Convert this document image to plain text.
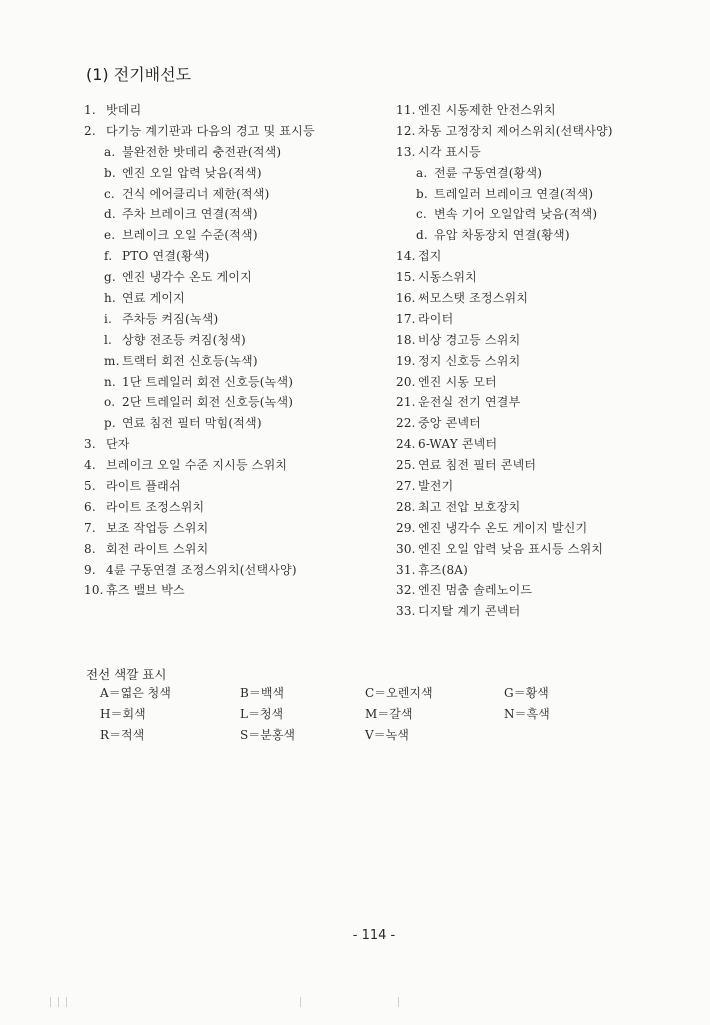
(1) 전기배선도
1. 밧데리
2. 다기능 계기판과 다음의 경고 및 표시등
a. 불완전한 밧데리 충전관(적색)
b. 엔진 오일 압력 낮음(적색)
c. 건식 에어클리너 제한(적색)
d. 주차 브레이크 연결(적색)
e. 브레이크 오일 수준(적색)
f. PTO 연결(황색)
g. 엔진 냉각수 온도 게이지
h. 연료 게이지
i. 주차등 켜짐(녹색)
l. 상향 전조등 켜짐(청색)
m. 트랙터 회전 신호등(녹색)
n. 1단 트레일러 회전 신호등(녹색)
o. 2단 트레일러 회전 신호등(녹색)
p. 연료 침전 필터 막힘(적색)
3. 단자
4. 브레이크 오일 수준 지시등 스위치
5. 라이트 플래쉬
6. 라이트 조정스위치
7. 보조 작업등 스위치
8. 회전 라이트 스위치
9. 4륜 구동연결 조정스위치(선택사양)
10. 휴즈 밸브 박스
11. 엔진 시동제한 안전스위치
12. 차동 고정장치 제어스위치(선택사양)
13. 시각 표시등
a. 전륜 구동연결(황색)
b. 트레일러 브레이크 연결(적색)
c. 변속 기어 오일압력 낮음(적색)
d. 유압 차동장치 연결(황색)
14. 접지
15. 시동스위치
16. 써모스탯 조정스위치
17. 라이터
18. 비상 경고등 스위치
19. 정지 신호등 스위치
20. 엔진 시동 모터
21. 운전실 전기 연결부
22. 중앙 콘넥터
24. 6-WAY 콘넥터
25. 연료 침전 필터 콘넥터
27. 발전기
28. 최고 전압 보호장치
29. 엔진 냉각수 온도 게이지 발신기
30. 엔진 오일 압력 낮음 표시등 스위치
31. 휴즈(8A)
32. 엔진 멈춤 솔레노이드
33. 디지탈 계기 콘넥터
전선 색깔 표시
A＝엷은 청색	B＝백색	C＝오렌지색	G＝황색
H＝회색	L＝청색	M＝갈색	N＝흑색
R＝적색	S＝분홍색	V＝녹색
- 114 -
